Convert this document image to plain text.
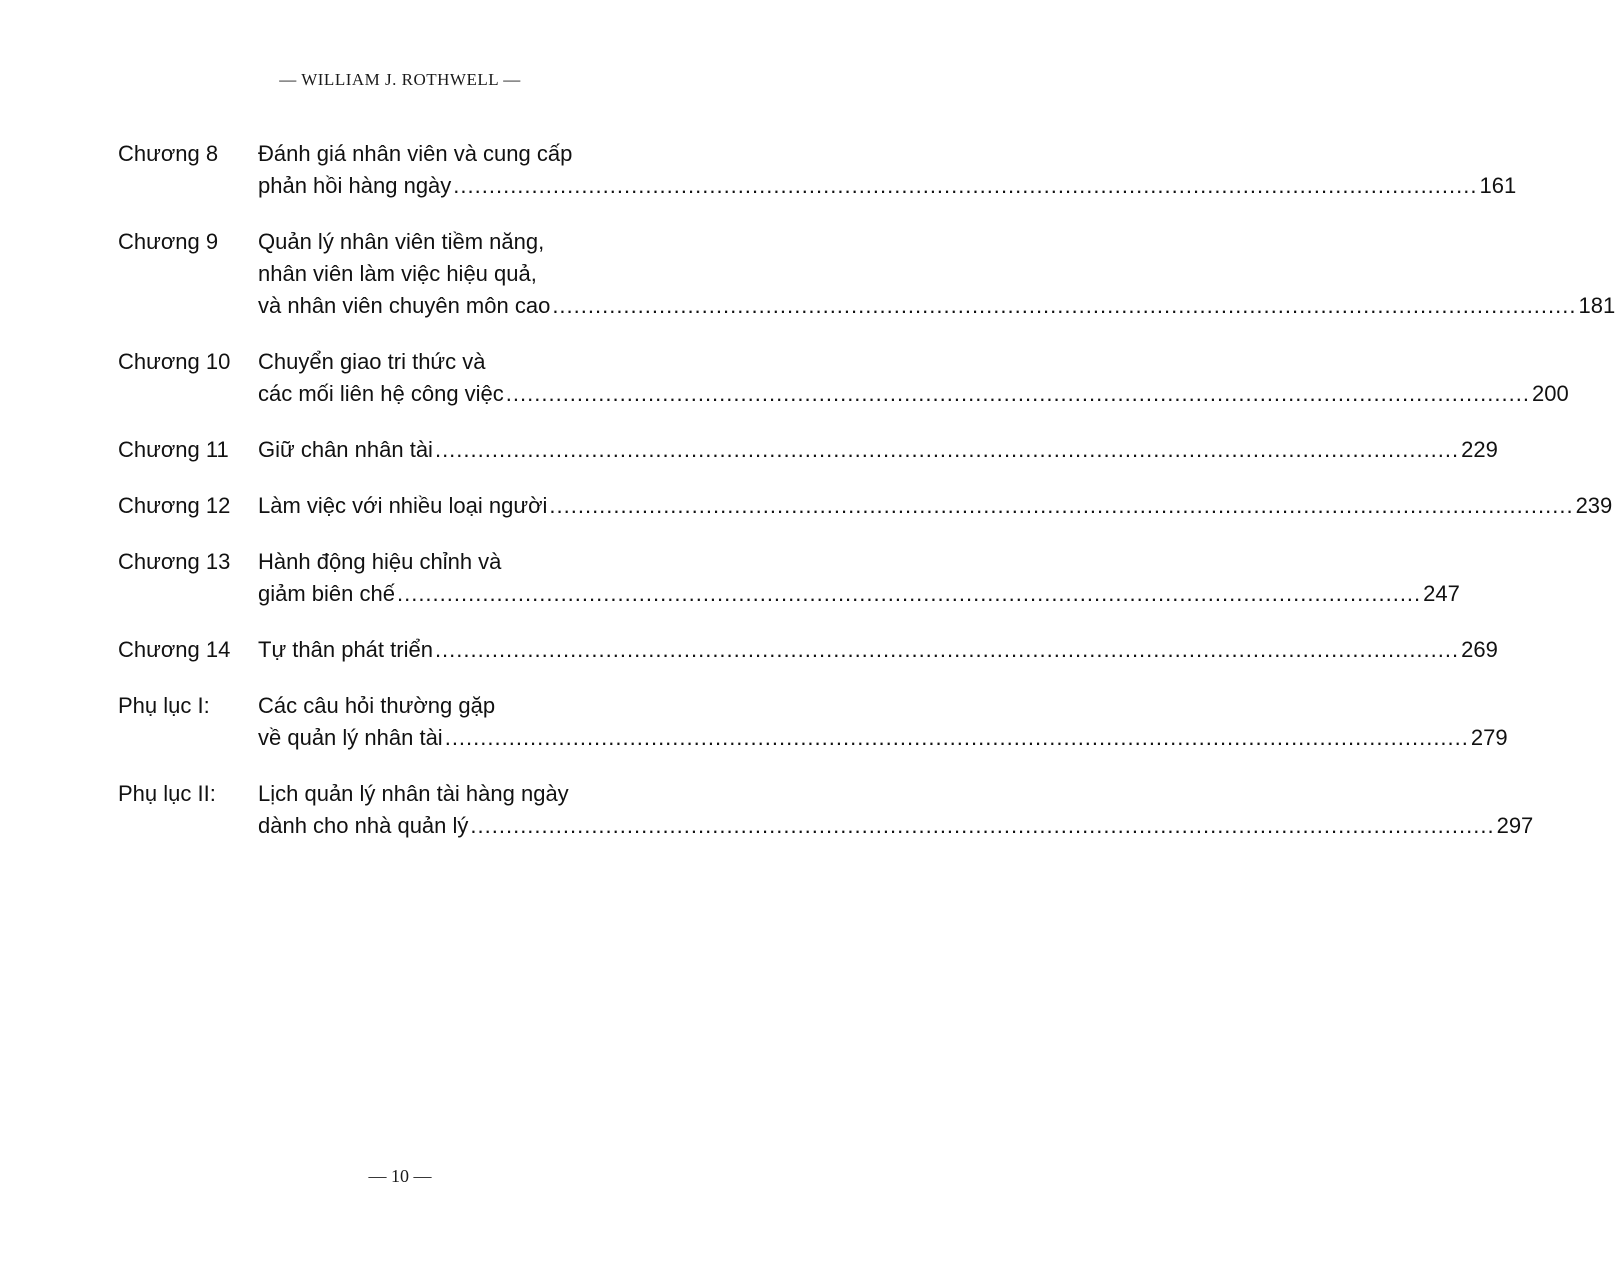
— WILLIAM J. ROTHWELL —
Chương 8	Đánh giá nhân viên và cung cấp
phản hồi hàng ngày .....	161
Chương 9	Quản lý nhân viên tiềm năng,
nhân viên làm việc hiệu quả,
và nhân viên chuyên môn cao .....	181
Chương 10	Chuyển giao tri thức và
các mối liên hệ công việc .....	200
Chương 11	Giữ chân nhân tài .....	229
Chương 12	Làm việc với nhiều loại người .....	239
Chương 13	Hành động hiệu chỉnh và
giảm biên chế .....	247
Chương 14	Tự thân phát triển .....	269
Phụ lục I:	Các câu hỏi thường gặp
về quản lý nhân tài .....	279
Phụ lục II:	Lịch quản lý nhân tài hàng ngày
dành cho nhà quản lý .....	297
— 10 —
